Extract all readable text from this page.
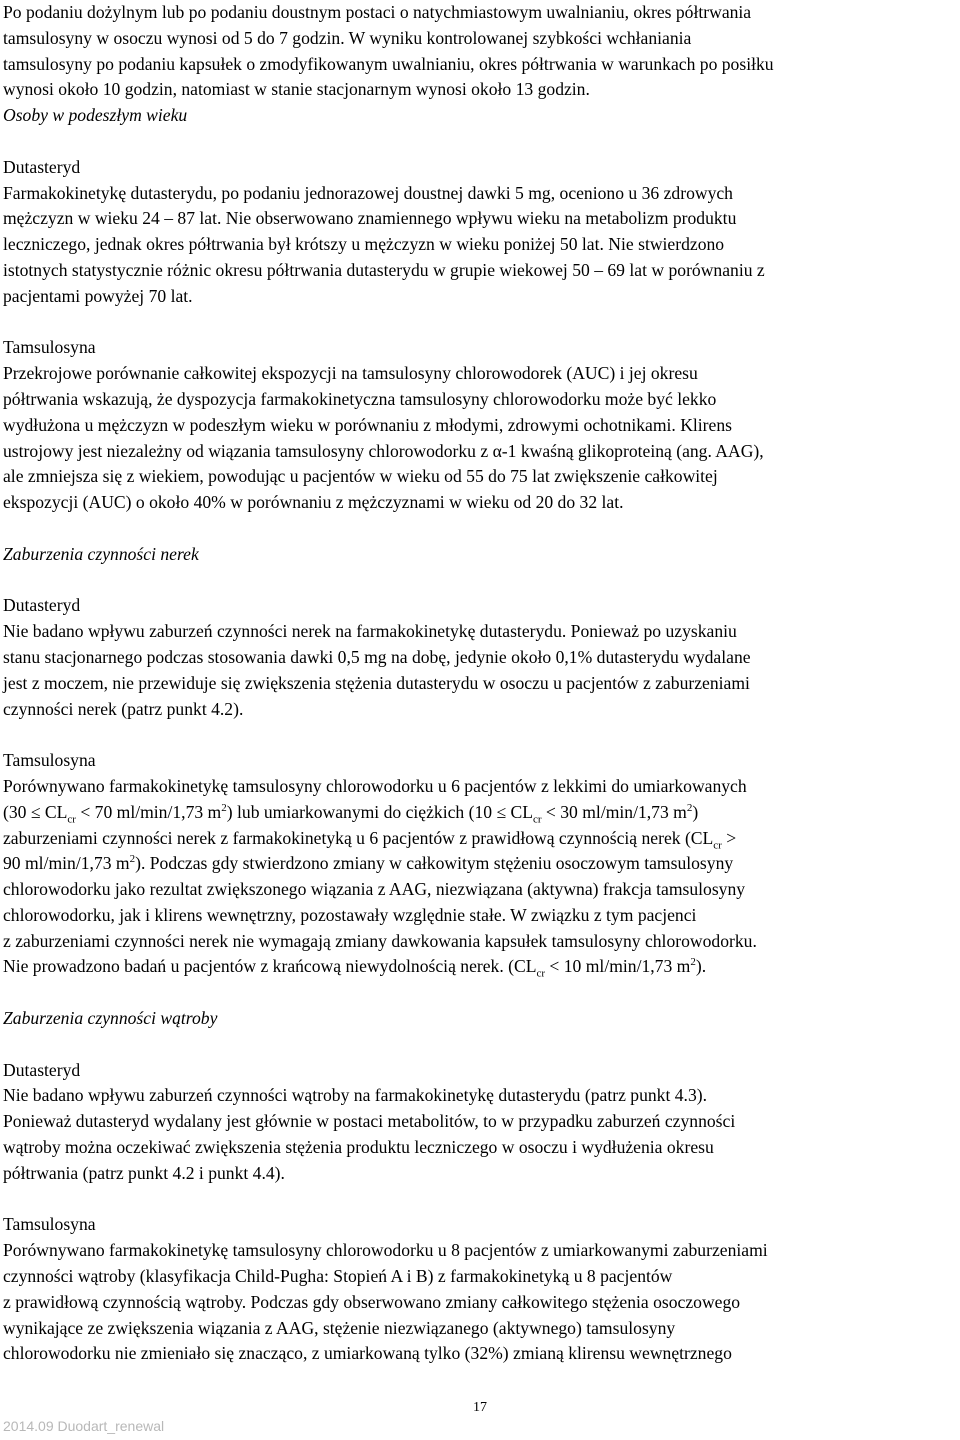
Po podaniu dożylnym lub po podaniu doustnym postaci o natychmiastowym uwalnianiu, okres półtrwania
tamsulosyny w osoczu wynosi od 5 do 7 godzin. W wyniku kontrolowanej szybkości wchłaniania
tamsulosyny po podaniu kapsułek o zmodyfikowanym uwalnianiu, okres półtrwania w warunkach po posiłku
wynosi około 10 godzin, natomiast w stanie stacjonarnym wynosi około 13 godzin.

Osoby w podeszłym wieku

Dutasteryd

Farmakokinetykę dutasterydu, po podaniu jednorazowej doustnej dawki 5 mg, oceniono u 36 zdrowych
mężczyzn w wieku 24 – 87 lat. Nie obserwowano znamiennego wpływu wieku na metabolizm produktu
leczniczego, jednak okres półtrwania był krótszy u mężczyzn w wieku poniżej 50 lat. Nie stwierdzono
istotnych statystycznie różnic okresu półtrwania dutasterydu w grupie wiekowej 50 – 69 lat w porównaniu z
pacjentami powyżej 70 lat.

Tamsulosyna

Przekrojowe porównanie całkowitej ekspozycji na tamsulosyny chlorowodorek (AUC) i jej okresu
półtrwania wskazują, że dyspozycja farmakokinetyczna tamsulosyny chlorowodorku może być lekko
wydłużona u mężczyzn w podeszłym wieku w porównaniu z młodymi, zdrowymi ochotnikami. Klirens
ustrojowy jest niezależny od wiązania tamsulosyny chlorowodorku z α-1 kwaśną glikoproteiną (ang. AAG),
ale zmniejsza się z wiekiem, powodując u pacjentów w wieku od 55 do 75 lat zwiększenie całkowitej
ekspozycji (AUC) o około 40% w porównaniu z mężczyznami w wieku od 20 do 32 lat.

Zaburzenia czynności nerek

Dutasteryd

Nie badano wpływu zaburzeń czynności nerek na farmakokinetykę dutasterydu. Ponieważ po uzyskaniu
stanu stacjonarnego podczas stosowania dawki 0,5 mg na dobę, jedynie około 0,1% dutasterydu wydalane
jest z moczem, nie przewiduje się zwiększenia stężenia dutasterydu w osoczu u pacjentów z zaburzeniami
czynności nerek (patrz punkt 4.2).

Tamsulosyna

Porównywano farmakokinetykę tamsulosyny chlorowodorku u 6 pacjentów z lekkimi do umiarkowanych
($30 \le CL_{cr} < 70$ ml/min/1,73 $m^2$) lub umiarkowanymi do ciężkich ($10 \le CL_{cr} < 30$ ml/min/1,73 $m^2$)
zaburzeniami czynności nerek z farmakokinetyką u 6 pacjentów z prawidłową czynnością nerek ($CL_{cr}$ >
90 ml/min/1,73 $m^2$). Podczas gdy stwierdzono zmiany w całkowitym stężeniu osoczowym tamsulosyny
chlorowodorku jako rezultat zwiększonego wiązania z AAG, niezwiązana (aktywna) frakcja tamsulosyny
chlorowodorku, jak i klirens wewnętrzny, pozostawały względnie stałe. W związku z tym pacjenci
z zaburzeniami czynności nerek nie wymagają zmiany dawkowania kapsułek tamsulosyny chlorowodorku.
Nie prowadzono badań u pacjentów z krańcową niewydolnością nerek. ($CL_{cr} < 10$ ml/min/1,73 $m^2$).

Zaburzenia czynności wątroby

Dutasteryd

Nie badano wpływu zaburzeń czynności wątroby na farmakokinetykę dutasterydu (patrz punkt 4.3).
Ponieważ dutasteryd wydalany jest głównie w postaci metabolitów, to w przypadku zaburzeń czynności
wątroby można oczekiwać zwiększenia stężenia produktu leczniczego w osoczu i wydłużenia okresu
półtrwania (patrz punkt 4.2 i punkt 4.4).

Tamsulosyna

Porównywano farmakokinetykę tamsulosyny chlorowodorku u 8 pacjentów z umiarkowanymi zaburzeniami
czynności wątroby (klasyfikacja Child-Pugha: Stopień A i B) z farmakokinetyką u 8 pacjentów
z prawidłową czynnością wątroby. Podczas gdy obserwowano zmiany całkowitego stężenia osoczowego
wynikające ze zwiększenia wiązania z AAG, stężenie niezwiązanego (aktywnego) tamsulosyny
chlorowodorku nie zmieniało się znacząco, z umiarkowaną tylko (32%) zmianą klirensu wewnętrznego

17
2014.09 Duodart_renewal
